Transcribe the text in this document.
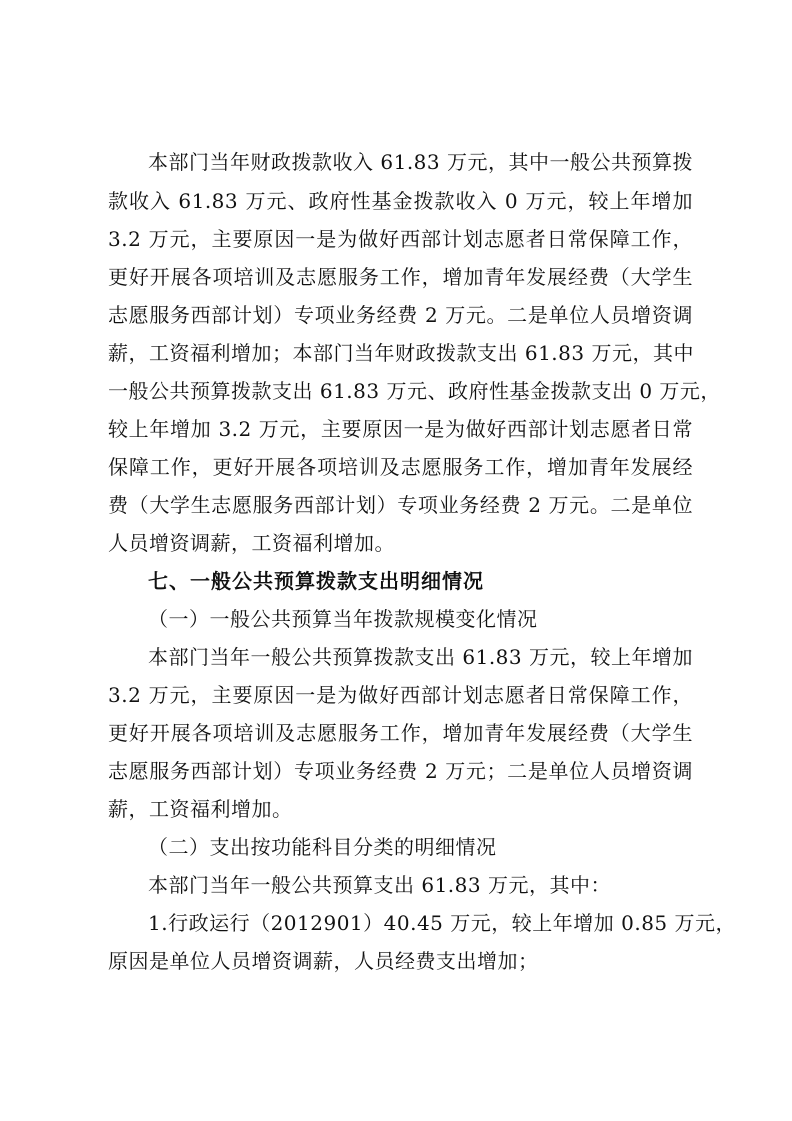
本部门当年财政拨款收入 61.83 万元，其中一般公共预算拨
款收入 61.83 万元、政府性基金拨款收入 0 万元，较上年增加
3.2 万元，主要原因一是为做好西部计划志愿者日常保障工作，
更好开展各项培训及志愿服务工作，增加青年发展经费（大学生
志愿服务西部计划）专项业务经费 2 万元。二是单位人员增资调
薪，工资福利增加；本部门当年财政拨款支出 61.83 万元，其中
一般公共预算拨款支出 61.83 万元、政府性基金拨款支出 0 万元，
较上年增加 3.2 万元，主要原因一是为做好西部计划志愿者日常
保障工作，更好开展各项培训及志愿服务工作，增加青年发展经
费（大学生志愿服务西部计划）专项业务经费 2 万元。二是单位
人员增资调薪，工资福利增加。
七、一般公共预算拨款支出明细情况
（一）一般公共预算当年拨款规模变化情况
本部门当年一般公共预算拨款支出 61.83 万元，较上年增加
3.2 万元，主要原因一是为做好西部计划志愿者日常保障工作，
更好开展各项培训及志愿服务工作，增加青年发展经费（大学生
志愿服务西部计划）专项业务经费 2 万元；二是单位人员增资调
薪，工资福利增加。
（二）支出按功能科目分类的明细情况
本部门当年一般公共预算支出 61.83 万元，其中：
1.行政运行（2012901）40.45 万元，较上年增加 0.85 万元，
原因是单位人员增资调薪，人员经费支出增加；
